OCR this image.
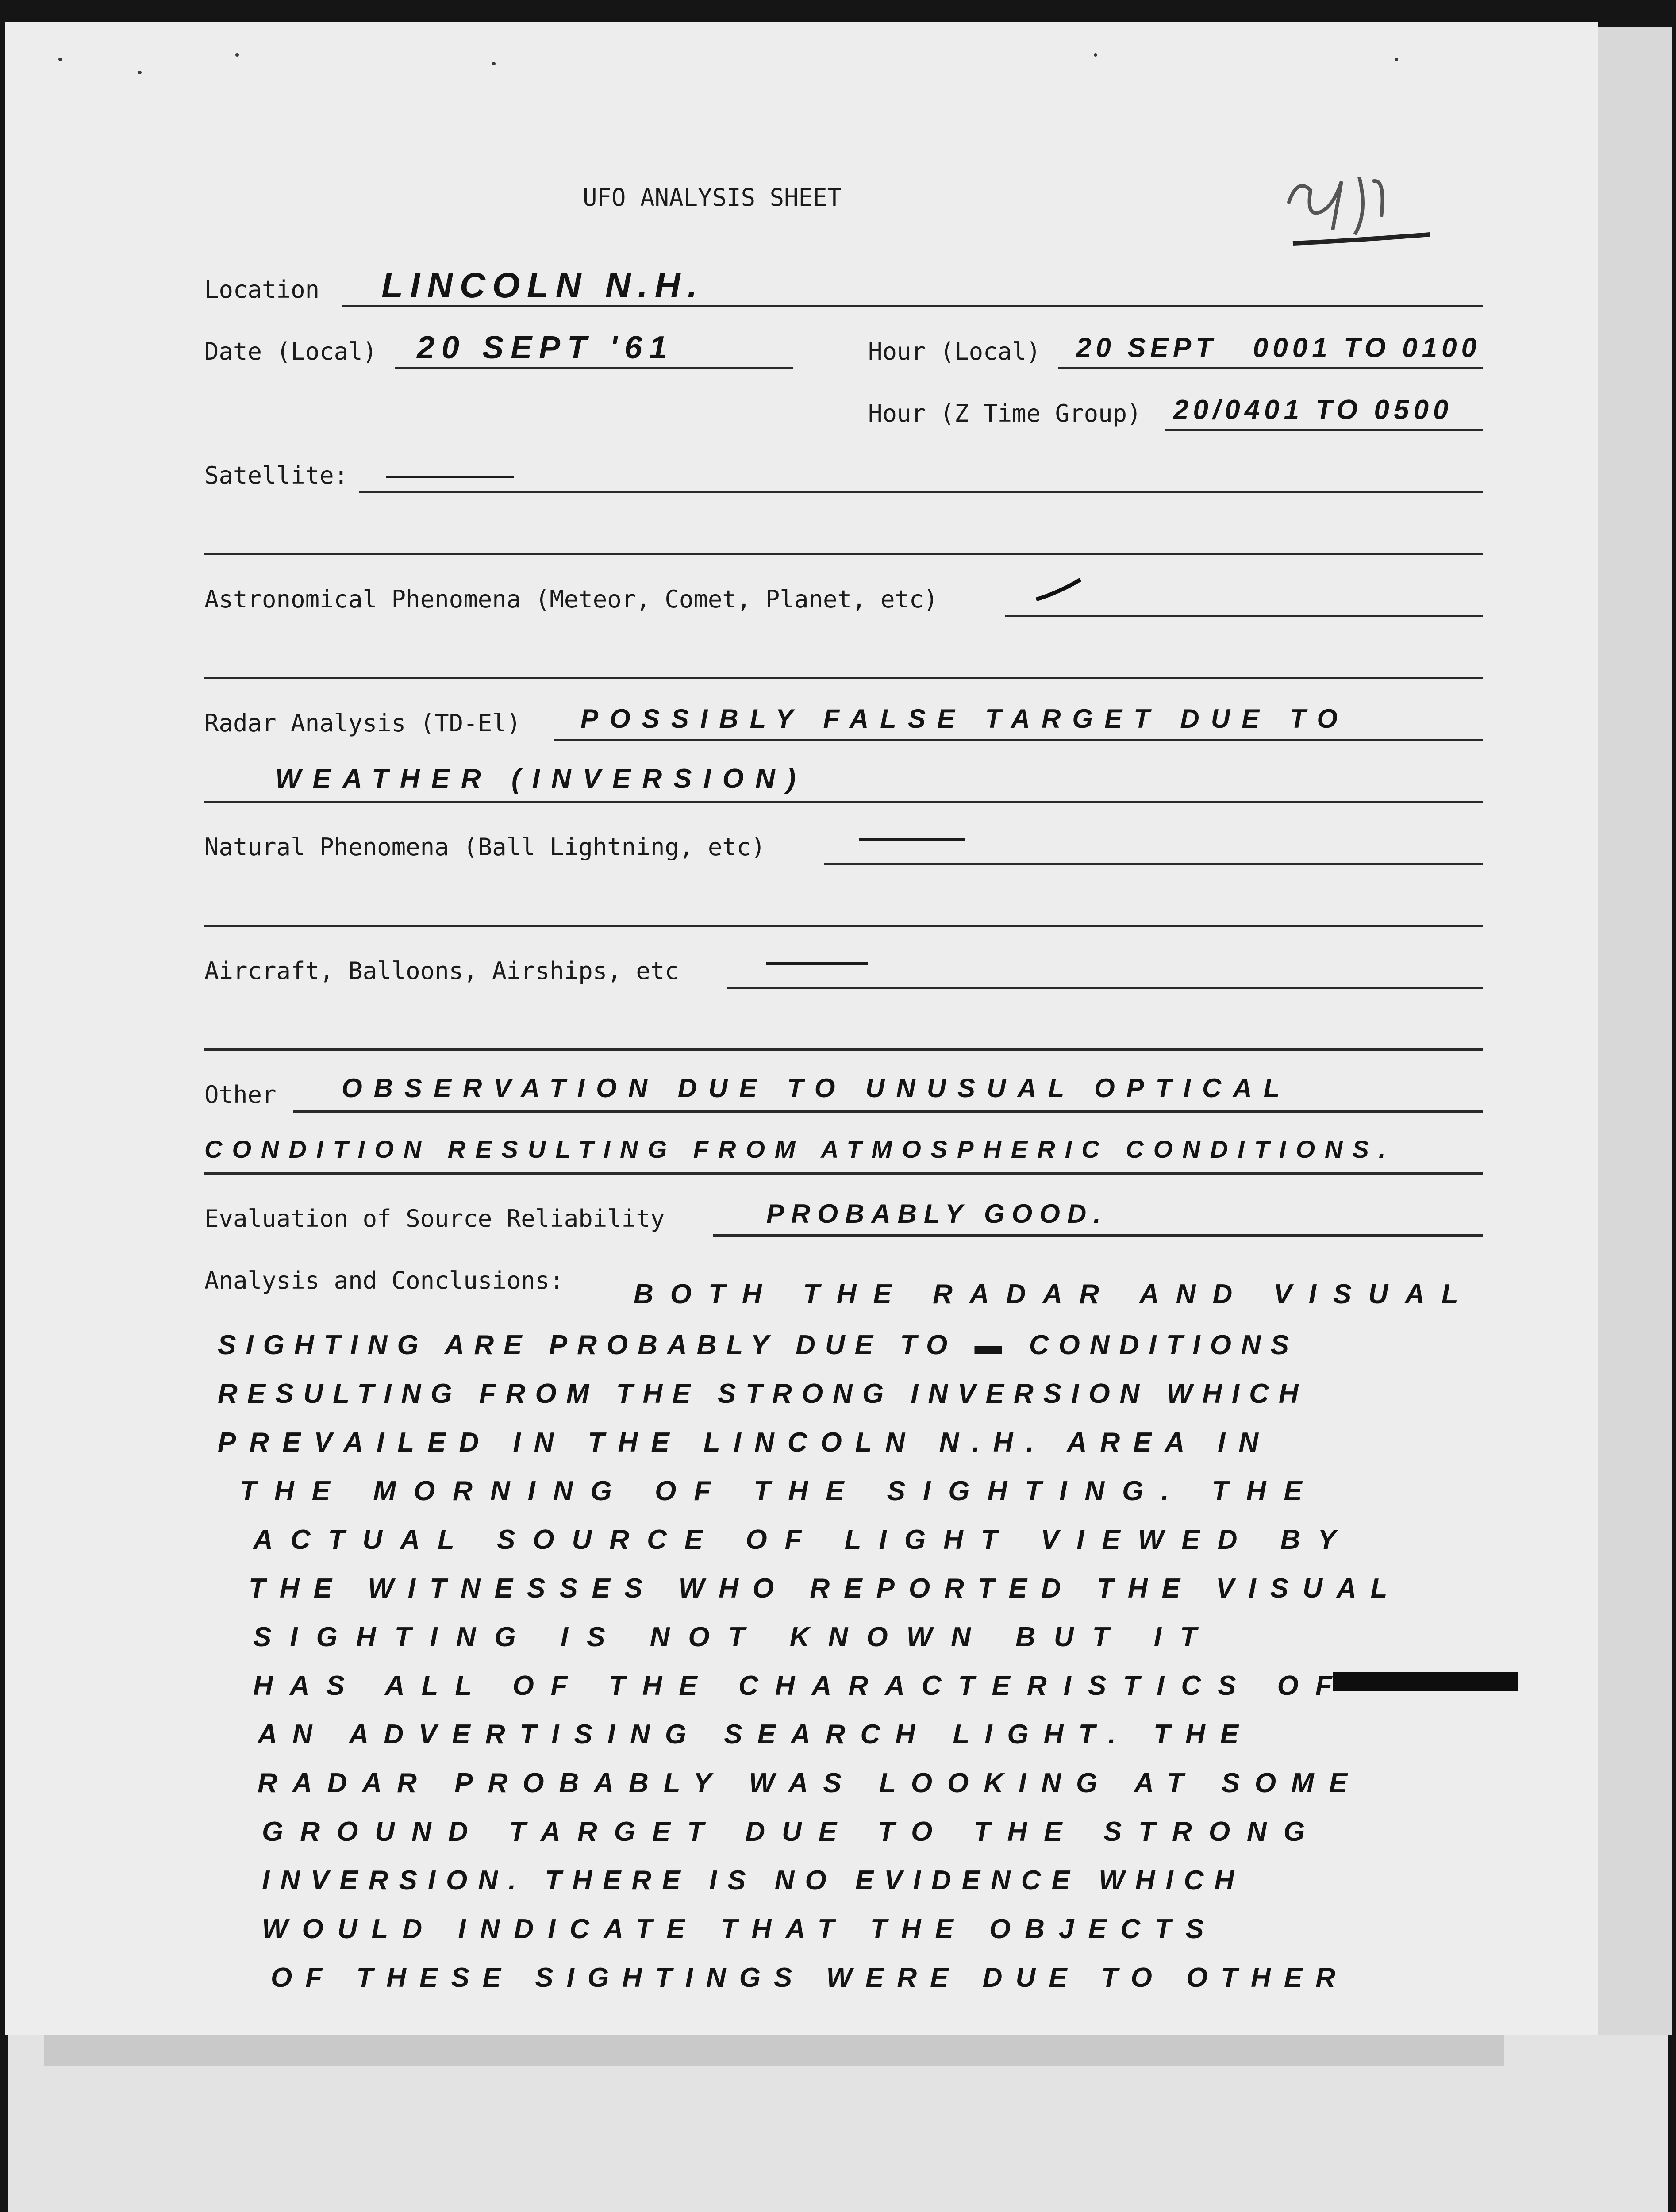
UFO ANALYSIS SHEET
Location LINCOLN N.H.
Date (Local) 20 SEPT '61	Hour (Local) 20 SEPT   0001 TO 0100
Hour (Z Time Group) 20/0401 TO 0500
Satellite:
Astronomical Phenomena (Meteor, Comet, Planet, etc)
Radar Analysis (TD-El) POSSIBLY FALSE TARGET DUE TO
WEATHER (INVERSION)
Natural Phenomena (Ball Lightning, etc)
Aircraft, Balloons, Airships, etc
Other OBSERVATION DUE TO UNUSUAL OPTICAL
CONDITION RESULTING FROM ATMOSPHERIC CONDITIONS.
Evaluation of Source Reliability	PROBABLY GOOD.
Analysis and Conclusions:	BOTH THE RADAR AND VISUAL
SIGHTING ARE PROBABLY DUE TO ▬ CONDITIONS
RESULTING FROM THE STRONG INVERSION WHICH
PREVAILED IN THE LINCOLN N.H. AREA IN
THE MORNING OF THE SIGHTING. THE
ACTUAL SOURCE OF LIGHT VIEWED BY
THE WITNESSES WHO REPORTED THE VISUAL
SIGHTING IS NOT KNOWN BUT IT
HAS ALL OF THE CHARACTERISTICS OF
AN ADVERTISING SEARCH LIGHT. THE
RADAR PROBABLY WAS LOOKING AT SOME
GROUND TARGET DUE TO THE STRONG
INVERSION. THERE IS NO EVIDENCE WHICH
WOULD INDICATE THAT THE OBJECTS
OF THESE SIGHTINGS WERE DUE TO OTHER
